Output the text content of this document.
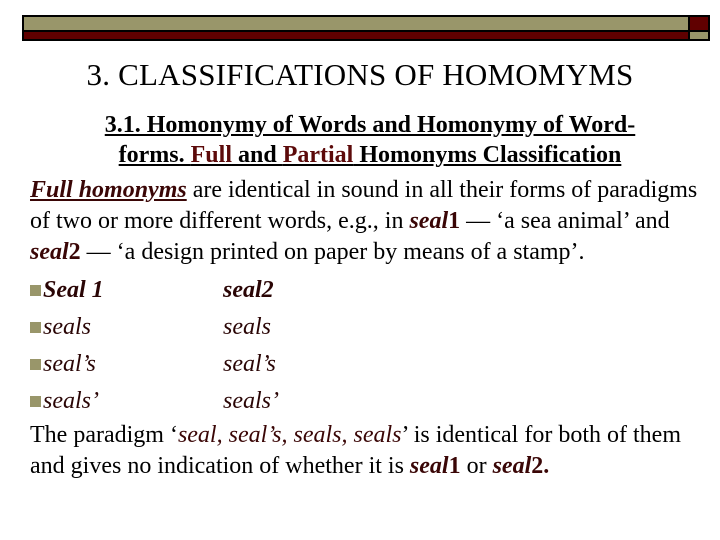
3. CLASSIFICATIONS OF HOMOMYMS
3.1. Homonymy of Words and Homonymy of Word-
forms. Full and Partial Homonyms Classification

Full homonyms are identical in sound in all their forms of paradigms of two or more different words, e.g., in seal1 — ‘a sea animal’ and seal2 — ‘a design printed on paper by means of a stamp’.

Seal 1	seal2
seals	seals
seal’s	seal’s
seals’	seals’

The paradigm ‘seal, seal’s, seals, seals’ is identical for both of them and gives no indication of whether it is seal1 or seal2.
